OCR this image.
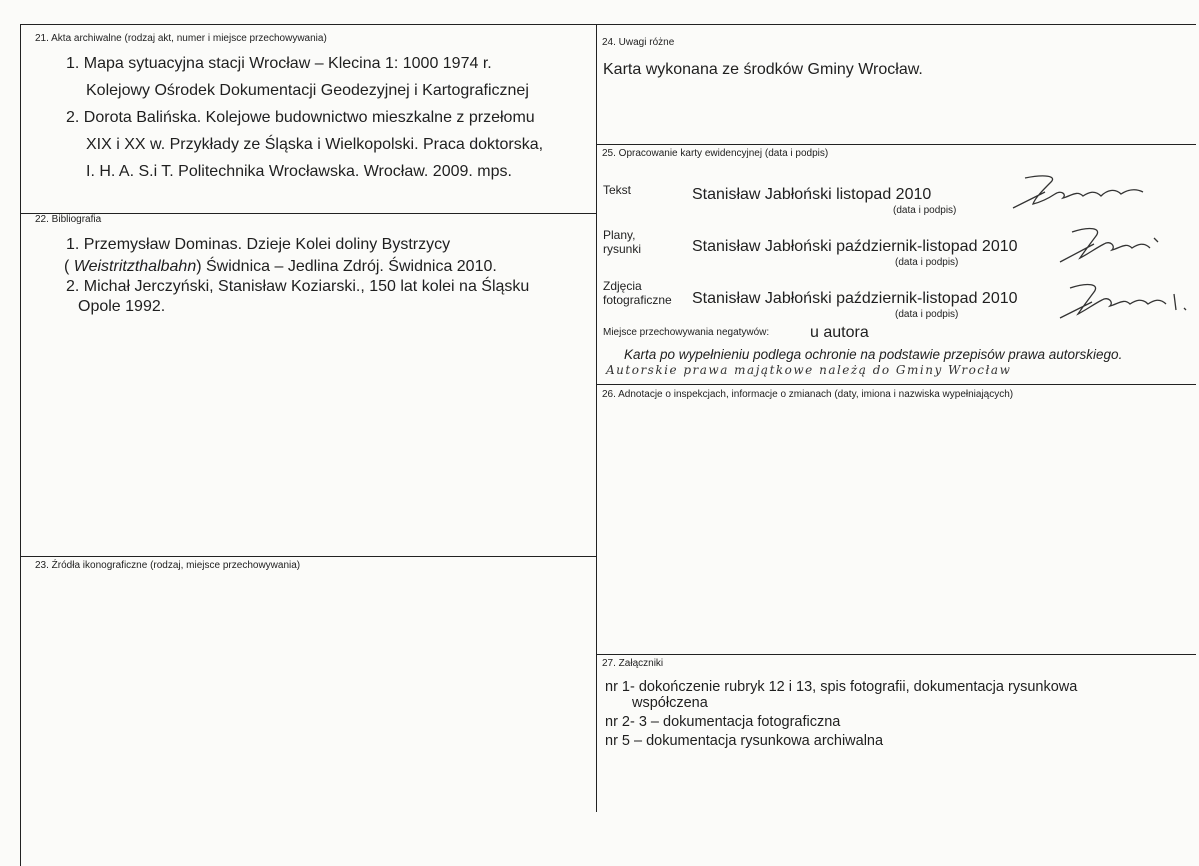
21. Akta archiwalne (rodzaj akt, numer i miejsce przechowywania)
1. Mapa sytuacyjna stacji Wrocław – Klecina 1: 1000 1974 r.
Kolejowy Ośrodek Dokumentacji Geodezyjnej i Kartograficznej
2. Dorota Balińska. Kolejowe budownictwo mieszkalne z przełomu
XIX i XX w. Przykłady ze Śląska i Wielkopolski. Praca doktorska,
I. H. A. S.i T. Politechnika Wrocławska. Wrocław. 2009. mps.
22. Bibliografia
1. Przemysław Dominas. Dzieje Kolei doliny Bystrzycy
( Weistritzthalbahn) Świdnica – Jedlina Zdrój. Świdnica 2010.
2. Michał Jerczyński, Stanisław Koziarski., 150 lat kolei na Śląsku
Opole 1992.
23. Źródła ikonograficzne (rodzaj, miejsce przechowywania)
24. Uwagi różne
Karta wykonana ze środków Gminy Wrocław.
25. Opracowanie karty ewidencyjnej (data i podpis)
Tekst	Stanisław Jabłoński listopad 2010
(data i podpis)
Plany,
rysunki	Stanisław Jabłoński październik-listopad 2010
(data i podpis)
Zdjęcia
fotograficzne Stanisław Jabłoński październik-listopad 2010
(data i podpis)
Miejsce przechowywania negatywów:	u autora
Karta po wypełnieniu podlega ochronie na podstawie przepisów prawa autorskiego.
Autorskie prawa majątkowe należą do Gminy Wrocław
26. Adnotacje o inspekcjach, informacje o zmianach (daty, imiona i nazwiska wypełniających)
27. Załączniki
nr 1- dokończenie rubryk 12 i 13, spis fotografii, dokumentacja rysunkowa
współczena
nr 2- 3 – dokumentacja fotograficzna
nr 5 – dokumentacja rysunkowa archiwalna
